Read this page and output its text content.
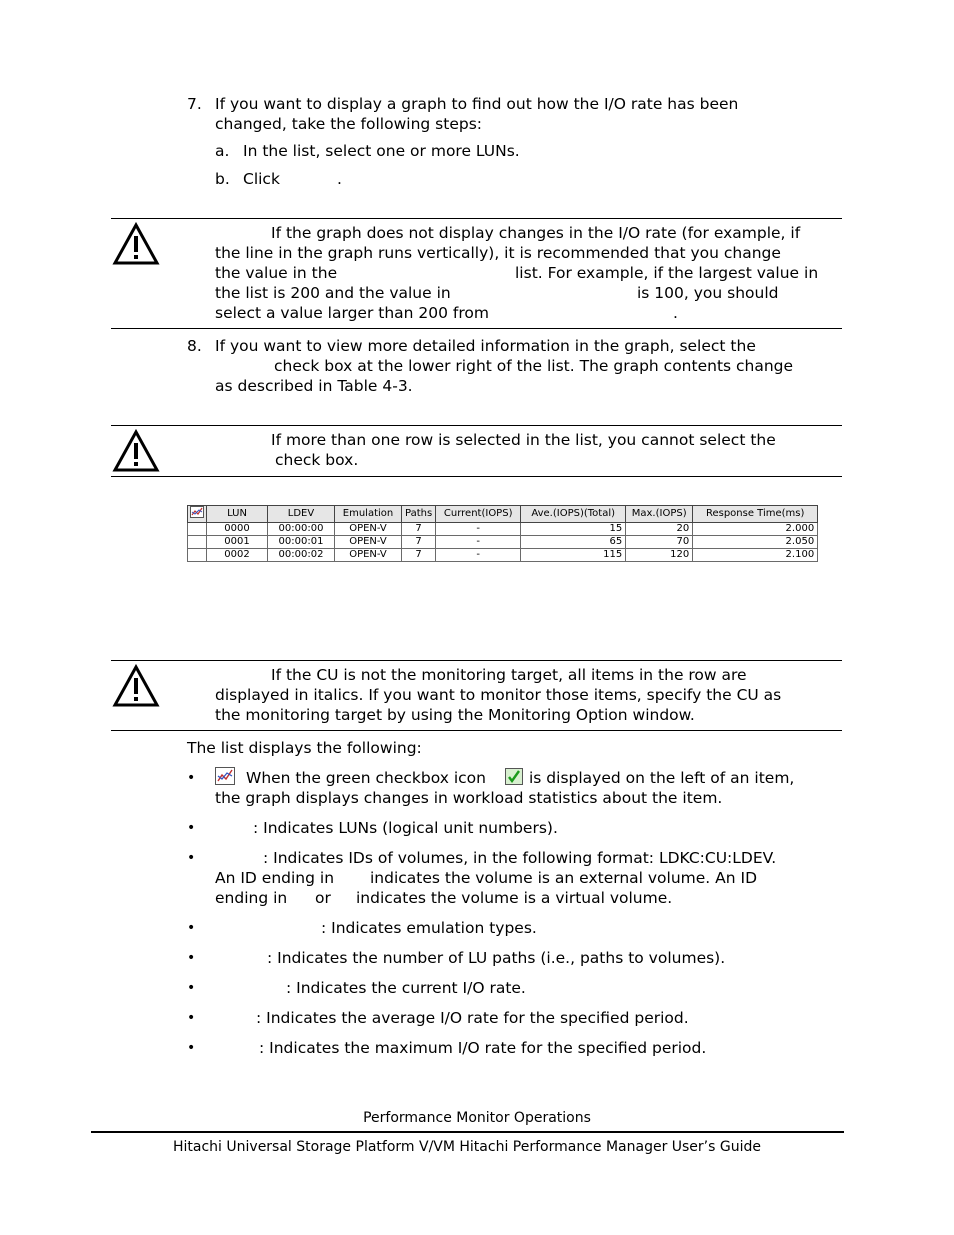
7. If you want to display a graph to find out how the I/O rate has been
changed, take the following steps:
a. In the list, select one or more LUNs.
b. Click	.
If the graph does not display changes in the I/O rate (for example, if
the line in the graph runs vertically), it is recommended that you change
the value in the	list. For example, if the largest value in
the list is 200 and the value in	is 100, you should
select a value larger than 200 from	.
8. If you want to view more detailed information in the graph, select the
check box at the lower right of the list. The graph contents change
as described in Table 4-3.
If more than one row is selected in the list, you cannot select the
check box.
	LUN	LDEV	Emulation	Paths	Current(IOPS)	Ave.(IOPS)(Total)	Max.(IOPS)	Response Time(ms)
	0000	00:00:00	OPEN-V	7	-	15	20	2.000
	0001	00:00:01	OPEN-V	7	-	65	70	2.050
	0002	00:00:02	OPEN-V	7	-	115	120	2.100
If the CU is not the monitoring target, all items in the row are
displayed in italics. If you want to monitor those items, specify the CU as
the monitoring target by using the Monitoring Option window.
The list displays the following:
•	When the green checkbox icon	is displayed on the left of an item,
the graph displays changes in workload statistics about the item.
•	: Indicates LUNs (logical unit numbers).
•	: Indicates IDs of volumes, in the following format: LDKC:CU:LDEV.
An ID ending in indicates the volume is an external volume. An ID
ending in or indicates the volume is a virtual volume.
•	: Indicates emulation types.
•	: Indicates the number of LU paths (i.e., paths to volumes).
•	: Indicates the current I/O rate.
•	: Indicates the average I/O rate for the specified period.
•	: Indicates the maximum I/O rate for the specified period.
Performance Monitor Operations
Hitachi Universal Storage Platform V/VM Hitachi Performance Manager User’s Guide
